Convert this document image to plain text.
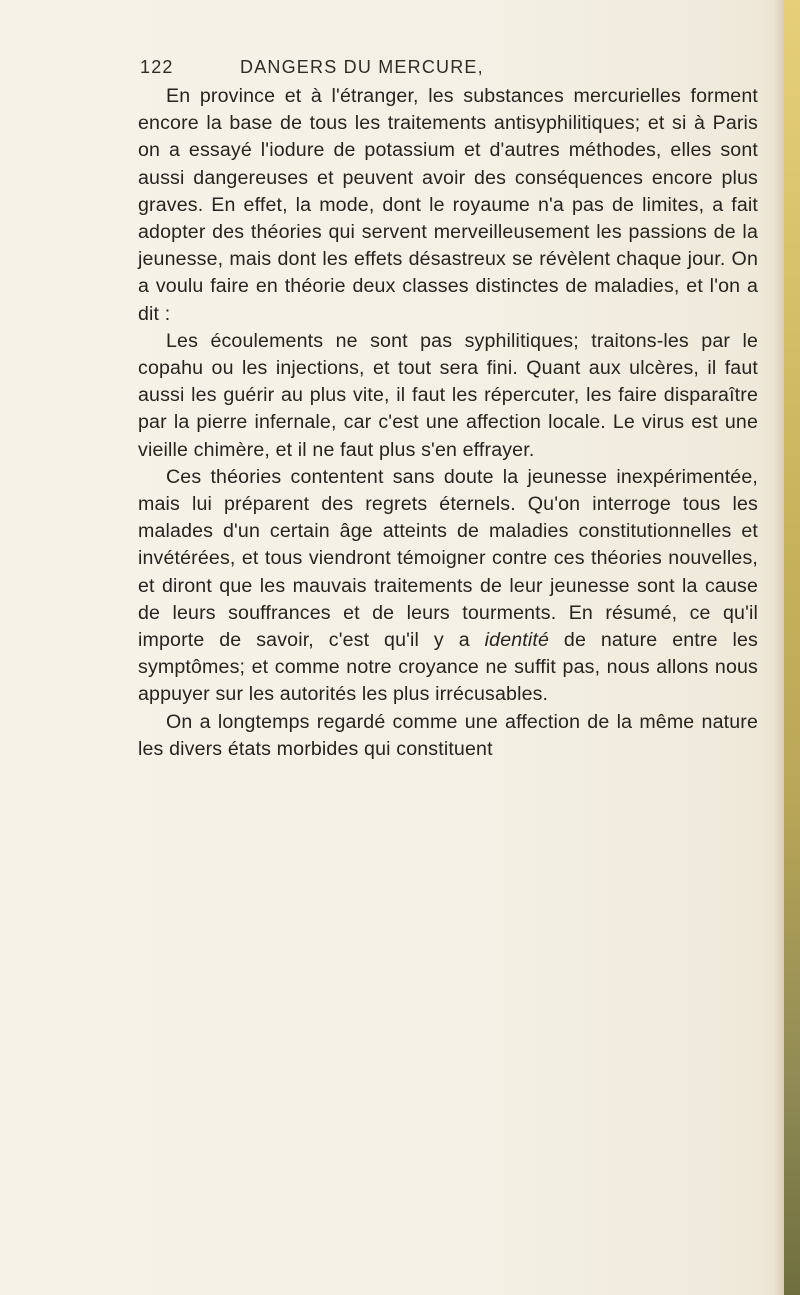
122	DANGERS DU MERCURE,

En province et à l'étranger, les substances mercurielles forment encore la base de tous les traitements antisyphilitiques; et si à Paris on a essayé l'iodure de potassium et d'autres méthodes, elles sont aussi dangereuses et peuvent avoir des conséquences encore plus graves. En effet, la mode, dont le royaume n'a pas de limites, a fait adopter des théories qui servent merveilleusement les passions de la jeunesse, mais dont les effets désastreux se révèlent chaque jour. On a voulu faire en théorie deux classes distinctes de maladies, et l'on a dit :

Les écoulements ne sont pas syphilitiques; traitons-les par le copahu ou les injections, et tout sera fini. Quant aux ulcères, il faut aussi les guérir au plus vite, il faut les répercuter, les faire disparaître par la pierre infernale, car c'est une affection locale. Le virus est une vieille chimère, et il ne faut plus s'en effrayer.

Ces théories contentent sans doute la jeunesse inexpérimentée, mais lui préparent des regrets éternels. Qu'on interroge tous les malades d'un certain âge atteints de maladies constitutionnelles et invétérées, et tous viendront témoigner contre ces théories nouvelles, et diront que les mauvais traitements de leur jeunesse sont la cause de leurs souffrances et de leurs tourments. En résumé, ce qu'il importe de savoir, c'est qu'il y a identité de nature entre les symptômes; et comme notre croyance ne suffit pas, nous allons nous appuyer sur les autorités les plus irrécusables.

On a longtemps regardé comme une affection de la même nature les divers états morbides qui constituent
